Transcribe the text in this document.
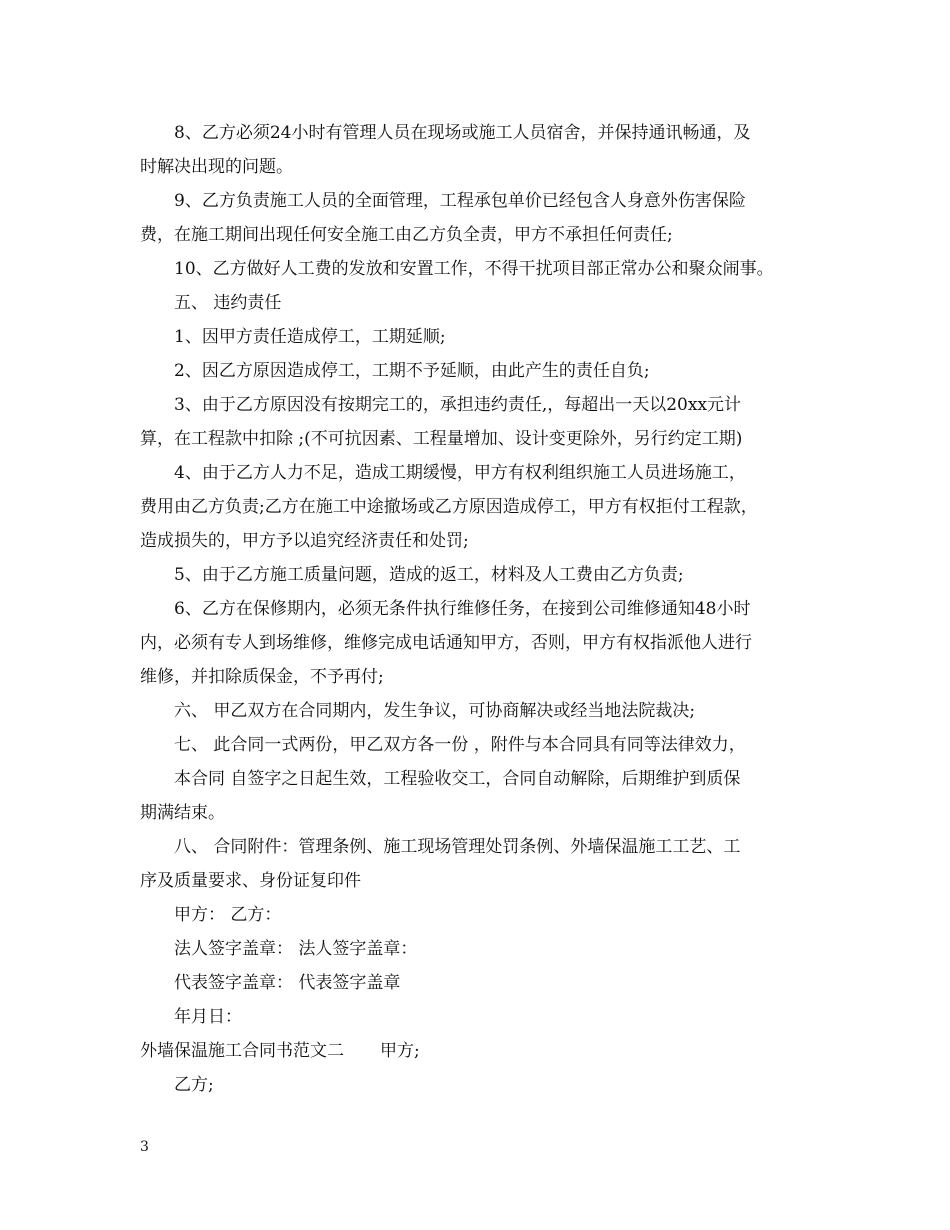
8、乙方必须24小时有管理人员在现场或施工人员宿舍，并保持通讯畅通，及
时解决出现的问题。
9、乙方负责施工人员的全面管理，工程承包单价已经包含人身意外伤害保险
费，在施工期间出现任何安全施工由乙方负全责，甲方不承担任何责任;
10、乙方做好人工费的发放和安置工作，不得干扰项目部正常办公和聚众闹事。
五、 违约责任
1、因甲方责任造成停工，工期延顺;
2、因乙方原因造成停工，工期不予延顺，由此产生的责任自负;
3、由于乙方原因没有按期完工的，承担违约责任,，每超出一天以20xx元计
算，在工程款中扣除 ;(不可抗因素、工程量增加、设计变更除外，另行约定工期)
4、由于乙方人力不足，造成工期缓慢，甲方有权利组织施工人员进场施工，
费用由乙方负责;乙方在施工中途撤场或乙方原因造成停工，甲方有权拒付工程款，
造成损失的，甲方予以追究经济责任和处罚;
5、由于乙方施工质量问题，造成的返工，材料及人工费由乙方负责;
6、乙方在保修期内，必须无条件执行维修任务，在接到公司维修通知48小时
内，必须有专人到场维修，维修完成电话通知甲方，否则，甲方有权指派他人进行
维修，并扣除质保金，不予再付;
六、 甲乙双方在合同期内，发生争议，可协商解决或经当地法院裁决;
七、 此合同一式两份，甲乙双方各一份 ，附件与本合同具有同等法律效力，
本合同 自签字之日起生效，工程验收交工，合同自动解除，后期维护到质保
期满结束。
八、 合同附件：管理条例、施工现场管理处罚条例、外墙保温施工工艺、工
序及质量要求、身份证复印件
甲方： 乙方：
法人签字盖章： 法人签字盖章：
代表签字盖章： 代表签字盖章
年月日：
外墙保温施工合同书范文二 甲方;
乙方;
3
